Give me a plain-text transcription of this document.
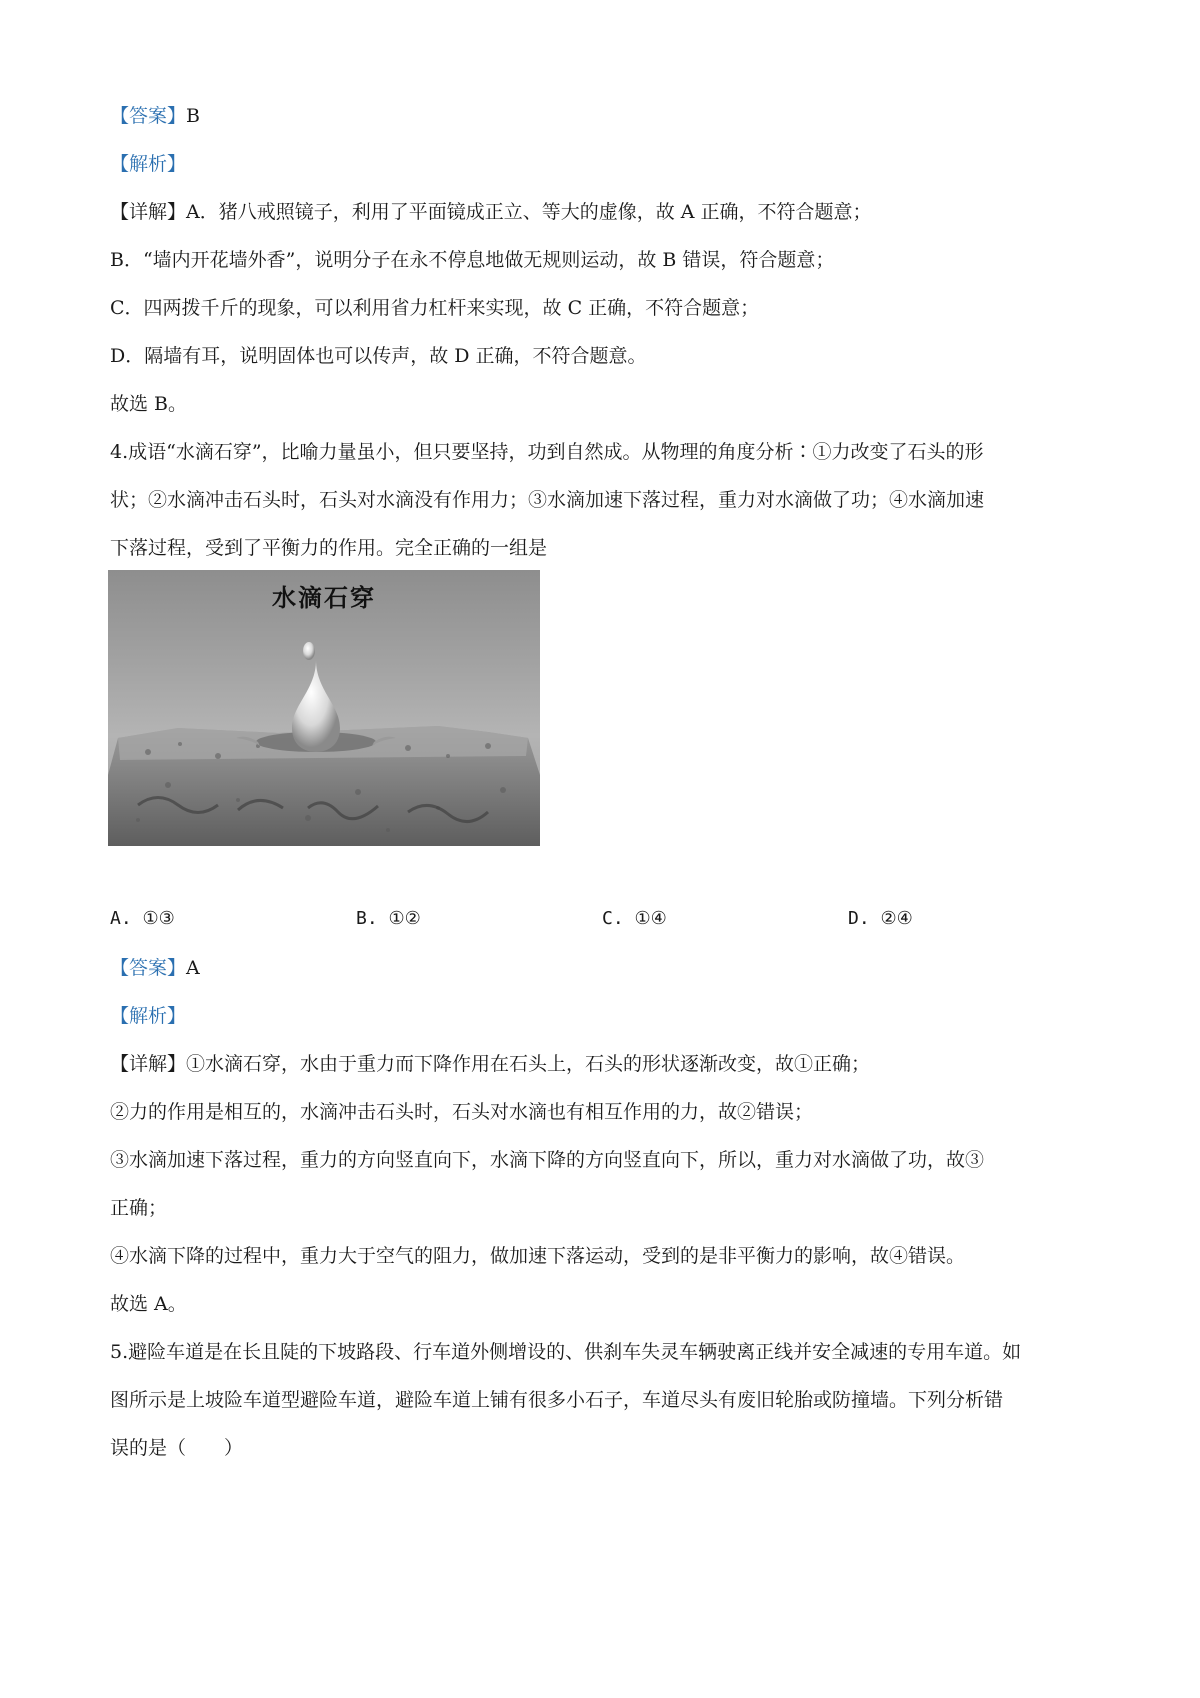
【答案】B
【解析】
【详解】A．猪八戒照镜子，利用了平面镜成正立、等大的虚像，故 A 正确，不符合题意；
B．“墙内开花墙外香”，说明分子在永不停息地做无规则运动，故 B 错误，符合题意；
C．四两拨千斤的现象，可以利用省力杠杆来实现，故 C 正确，不符合题意；
D．隔墙有耳，说明固体也可以传声，故 D 正确，不符合题意。
故选 B。
4.成语“水滴石穿”，比喻力量虽小，但只要坚持，功到自然成。从物理的角度分析∶①力改变了石头的形
状；②水滴冲击石头时，石头对水滴没有作用力；③水滴加速下落过程，重力对水滴做了功；④水滴加速
下落过程，受到了平衡力的作用。完全正确的一组是
水滴石穿
A. ①③	B. ①②	C. ①④	D. ②④
【答案】A
【解析】
【详解】①水滴石穿，水由于重力而下降作用在石头上，石头的形状逐渐改变，故①正确；
②力的作用是相互的，水滴冲击石头时，石头对水滴也有相互作用的力，故②错误；
③水滴加速下落过程，重力的方向竖直向下，水滴下降的方向竖直向下，所以，重力对水滴做了功，故③
正确；
④水滴下降的过程中，重力大于空气的阻力，做加速下落运动，受到的是非平衡力的影响，故④错误。
故选 A。
5.避险车道是在长且陡的下坡路段、行车道外侧增设的、供刹车失灵车辆驶离正线并安全减速的专用车道。如
图所示是上坡险车道型避险车道，避险车道上铺有很多小石子，车道尽头有废旧轮胎或防撞墙。下列分析错
误的是（　　）
